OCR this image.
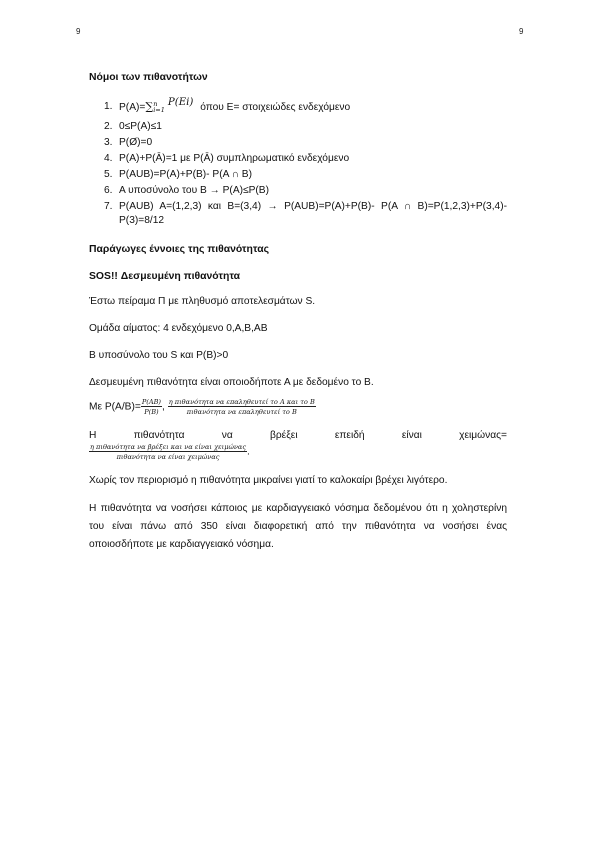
9	9

Νόμοι των πιθανοτήτων

1. P(A)=∑ n
i=1
P(Ei) όπου Ε= στοιχειώδες ενδεχόμενο
2. 0≤P(A)≤1
3. P(Ø)=0
4. P(A)+P(Ā)=1 με P(Ā) συμπληρωματικό ενδεχόμενο
5. P(AUB)=P(A)+P(B)- P(A ∩ B)
6. A υποσύνολο του Β → P(A)≤P(B)
7. P(AUB) A=(1,2,3) και B=(3,4) → P(AUB)=P(A)+P(B)- P(A ∩ B)=P(1,2,3)+P(3,4)-P(3)=8/12

Παράγωγες έννοιες της πιθανότητας

SOS!! Δεσμευμένη πιθανότητα

Έστω πείραμα Π με πληθυσμό αποτελεσμάτων S.

Ομάδα αίματος: 4 ενδεχόμενο 0,A,B,AB

B υποσύνολο του S και P(B)>0

Δεσμευμένη πιθανότητα είναι οποιοδήποτε Α με δεδομένο το Β.

Με $P(A/B)= \frac{P(AB)}{P(B)}$ , $\frac{\text{η πιθανότητα να επαληθευτεί το A και το B}}{\text{πιθανότητα να επαληθευτεί το B}}$
Η	πιθανότητα	να	βρέξει	επειδή	είναι	χειμώνας=
$\frac{\text{η πιθανότητα να βρέξει και να είναι χειμώνας}}{\text{πιθανότητα να είναι χειμώνας}}$ .

Χωρίς τον περιορισμό η πιθανότητα μικραίνει γιατί το καλοκαίρι βρέχει λιγότερο.

Η πιθανότητα να νοσήσει κάποιος με καρδιαγγειακό νόσημα δεδομένου ότι η χοληστερίνη του είναι πάνω από 350 είναι διαφορετική από την πιθανότητα να νοσήσει ένας οποιοσδήποτε με καρδιαγγειακό νόσημα.
